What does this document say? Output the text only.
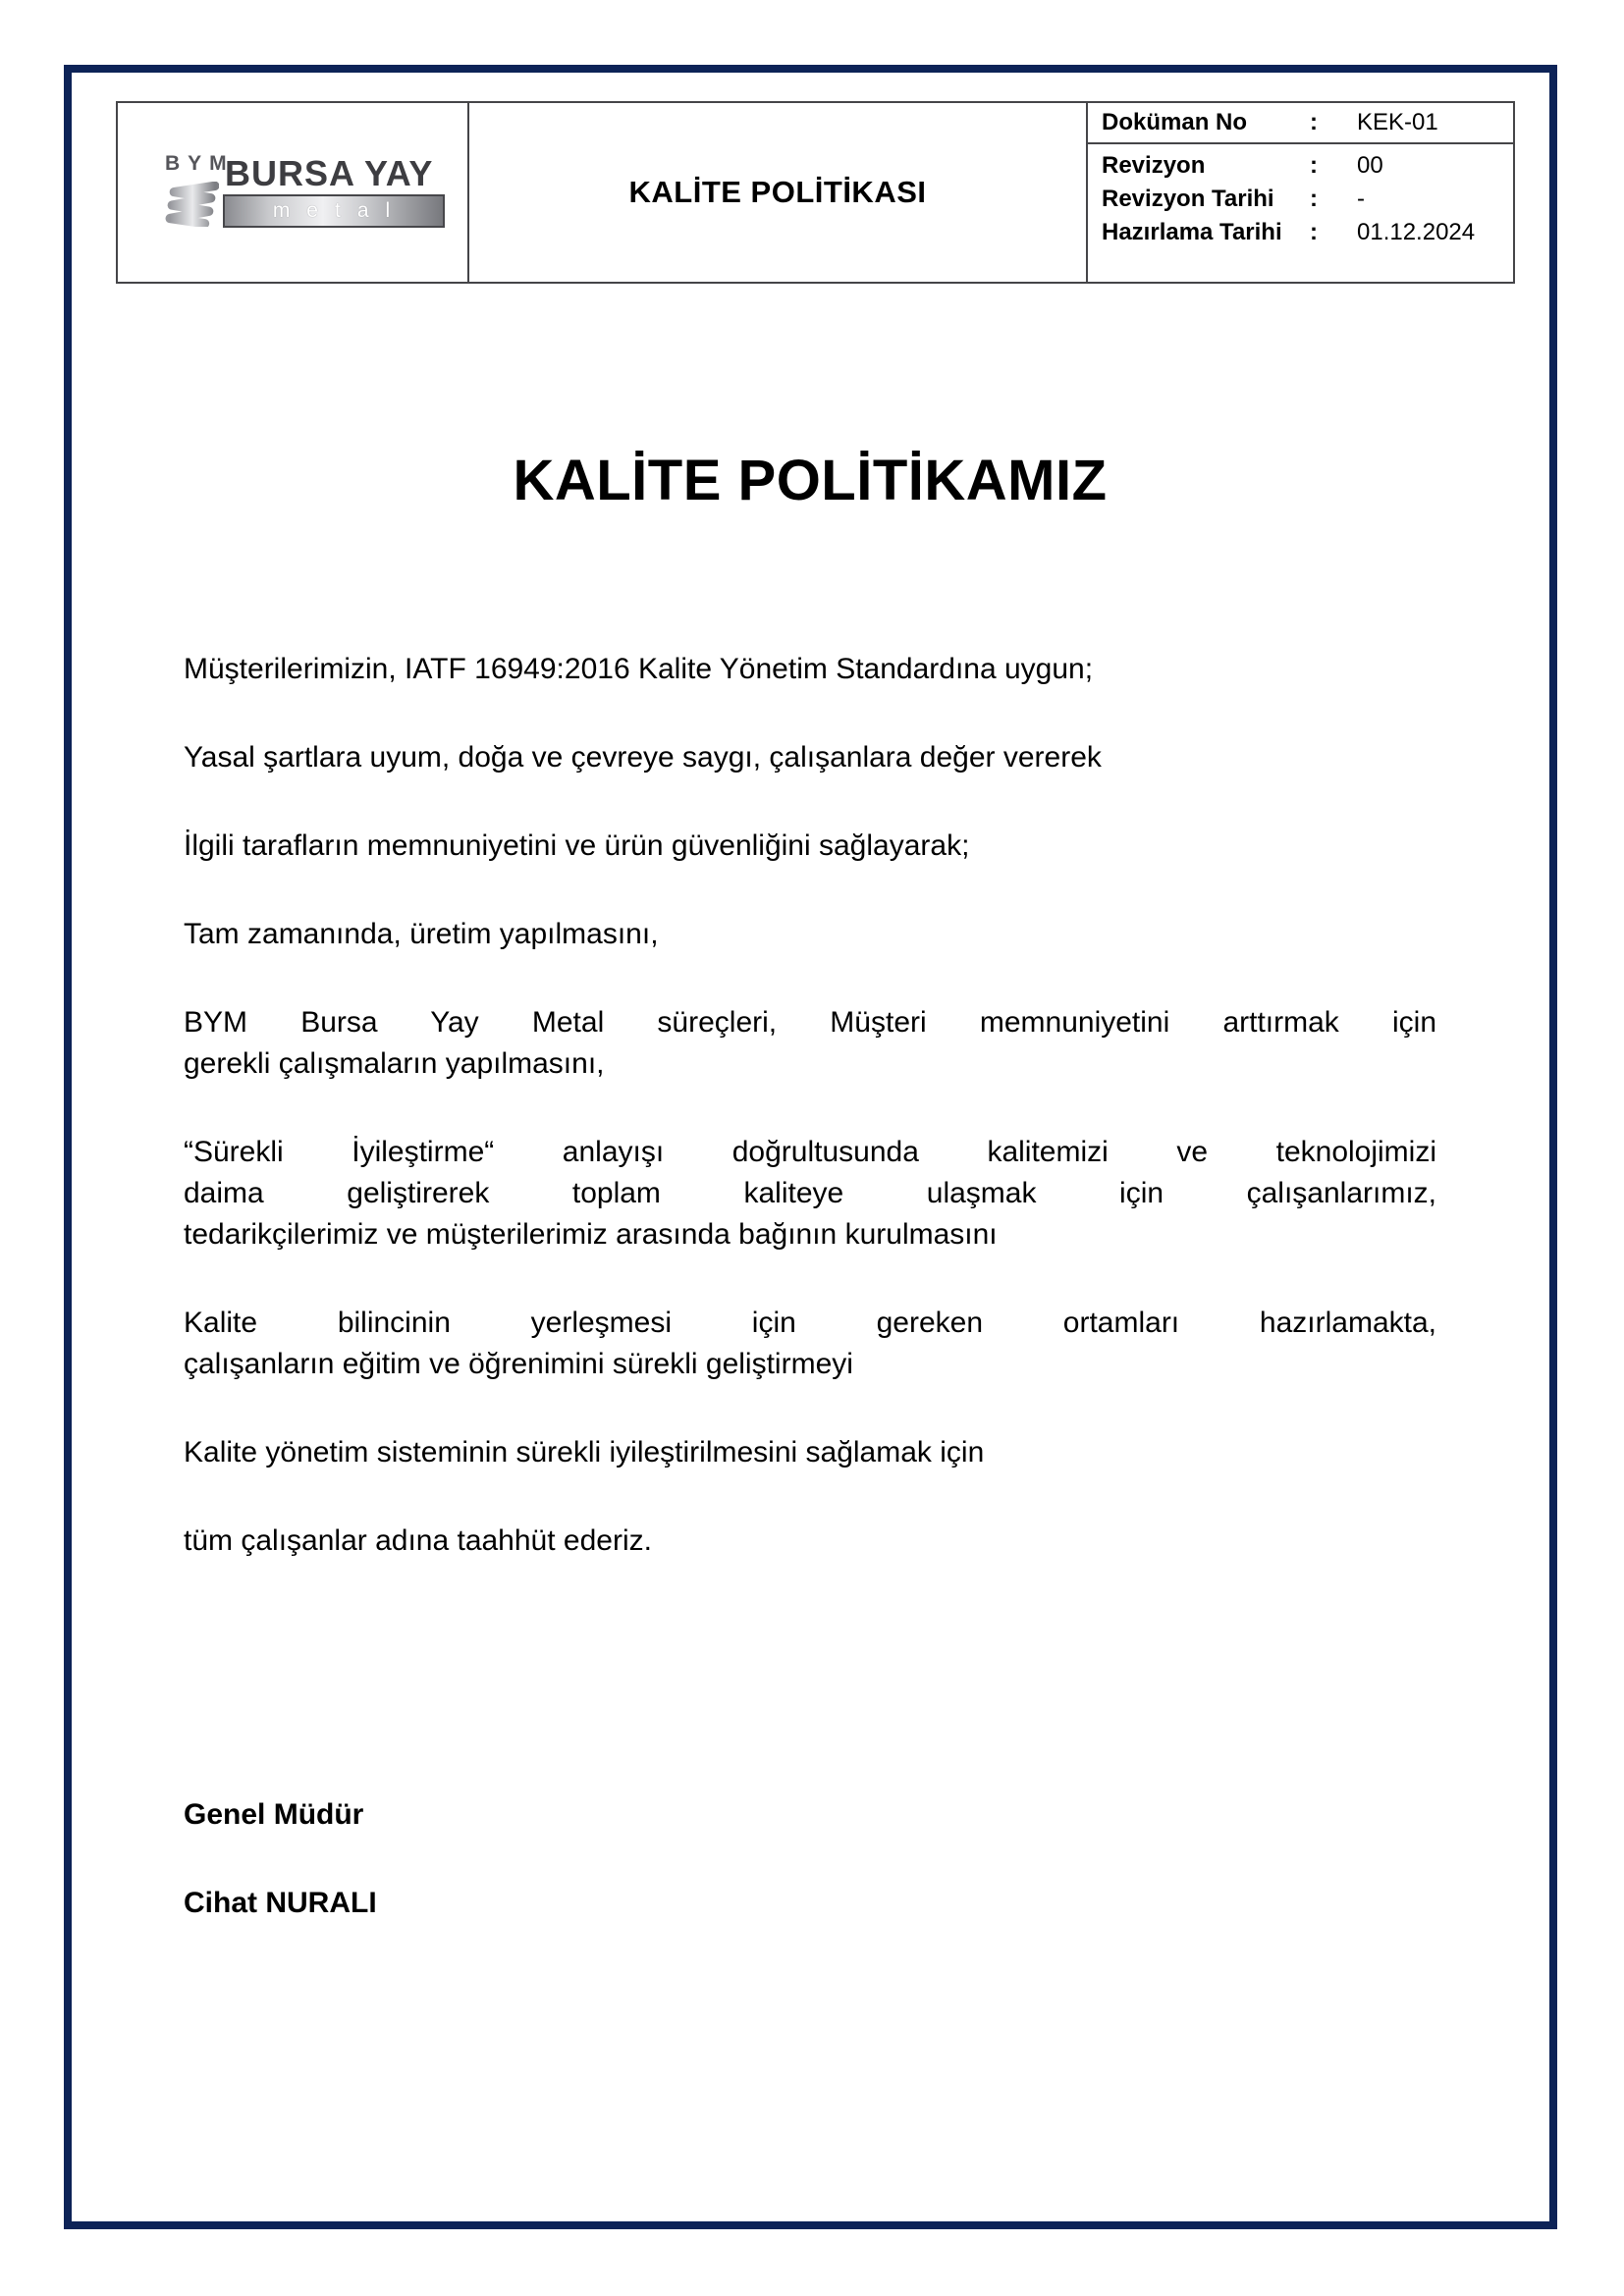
BYM
BURSA YAY
metal
KALİTE POLİTİKASI
Doküman No	:	KEK-01
Revizyon	:	00
Revizyon Tarihi	:	-
Hazırlama Tarihi	:	01.12.2024
KALİTE POLİTİKAMIZ

Müşterilerimizin, IATF 16949:2016 Kalite Yönetim Standardına uygun;

Yasal şartlara uyum, doğa ve çevreye saygı, çalışanlara değer vererek

İlgili tarafların memnuniyetini ve ürün güvenliğini sağlayarak;

Tam zamanında, üretim yapılmasını,

BYM Bursa Yay Metal süreçleri, Müşteri memnuniyetini arttırmak için
gerekli çalışmaların yapılmasını,

“Sürekli İyileştirme“ anlayışı doğrultusunda kalitemizi ve teknolojimizi
daima geliştirerek toplam kaliteye ulaşmak için çalışanlarımız,
tedarikçilerimiz ve müşterilerimiz arasında bağının kurulmasını

Kalite bilincinin yerleşmesi için gereken ortamları hazırlamakta,
çalışanların eğitim ve öğrenimini sürekli geliştirmeyi

Kalite yönetim sisteminin sürekli iyileştirilmesini sağlamak için

tüm çalışanlar adına taahhüt ederiz.

Genel Müdür
Cihat NURALI
